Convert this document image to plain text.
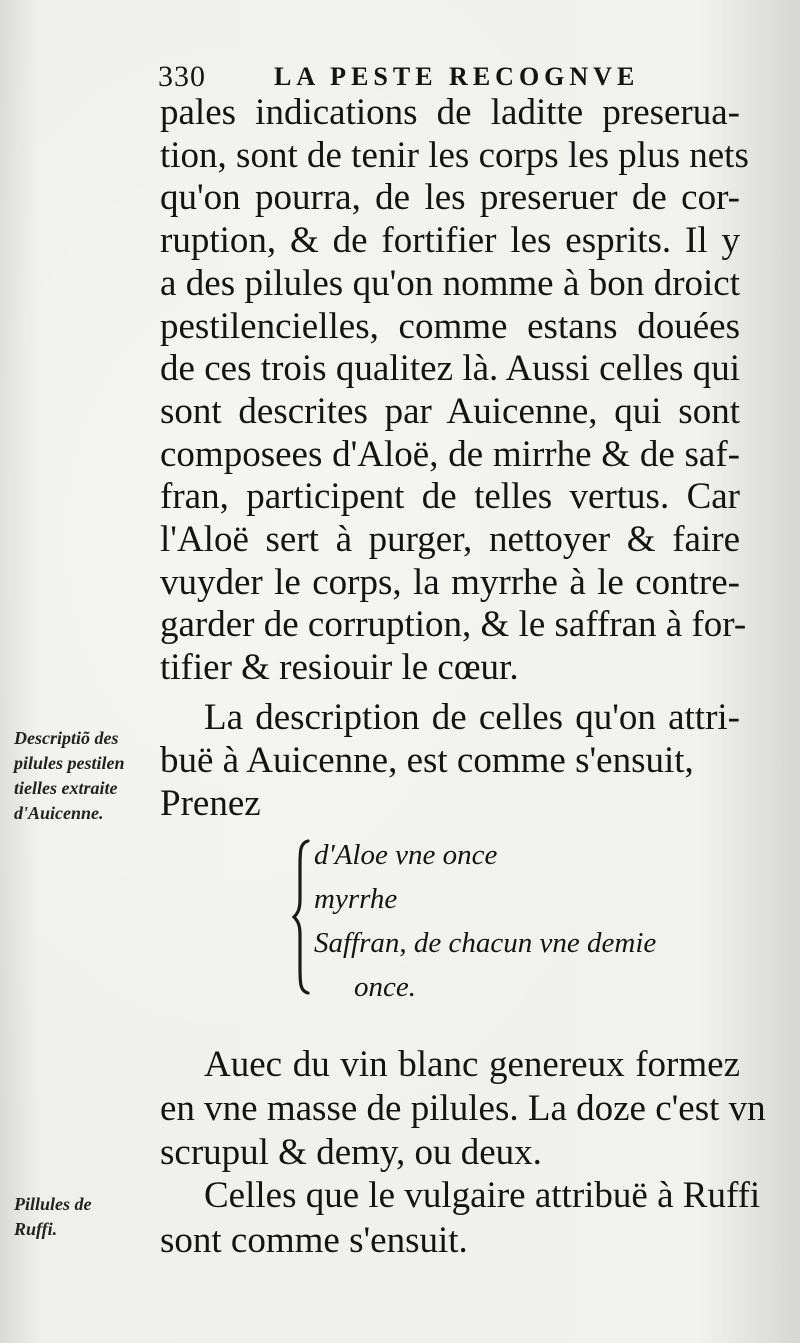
330	LA PESTE RECOGNVE
pales indications de laditte preserua-
tion, sont de tenir les corps les plus nets
qu'on pourra, de les preseruer de cor-
ruption, & de fortifier les esprits. Il y
a des pilules qu'on nomme à bon droict
pestilencielles, comme estans douées
de ces trois qualitez là. Aussi celles qui
sont descrites par Auicenne, qui sont
composees d'Aloë, de mirrhe & de saf-
fran, participent de telles vertus. Car
l'Aloë sert à purger, nettoyer & faire
vuyder le corps, la myrrhe à le contre-
garder de corruption, & le saffran à for-
tifier & resiouir le cœur.
La description de celles qu'on attri-
buë à Auicenne, est comme s'ensuit,
Prenez
Descriptiõ des
pilules pestilen
tielles extraite
d'Auicenne.
d'Aloe vne once
myrrhe
Saffran, de chacun vne demie
once.
Auec du vin blanc genereux formez
en vne masse de pilules. La doze c'est vn
scrupul & demy, ou deux.
Pillules de
Ruffi.
Celles que le vulgaire attribuë à Ruffi
sont comme s'ensuit.
